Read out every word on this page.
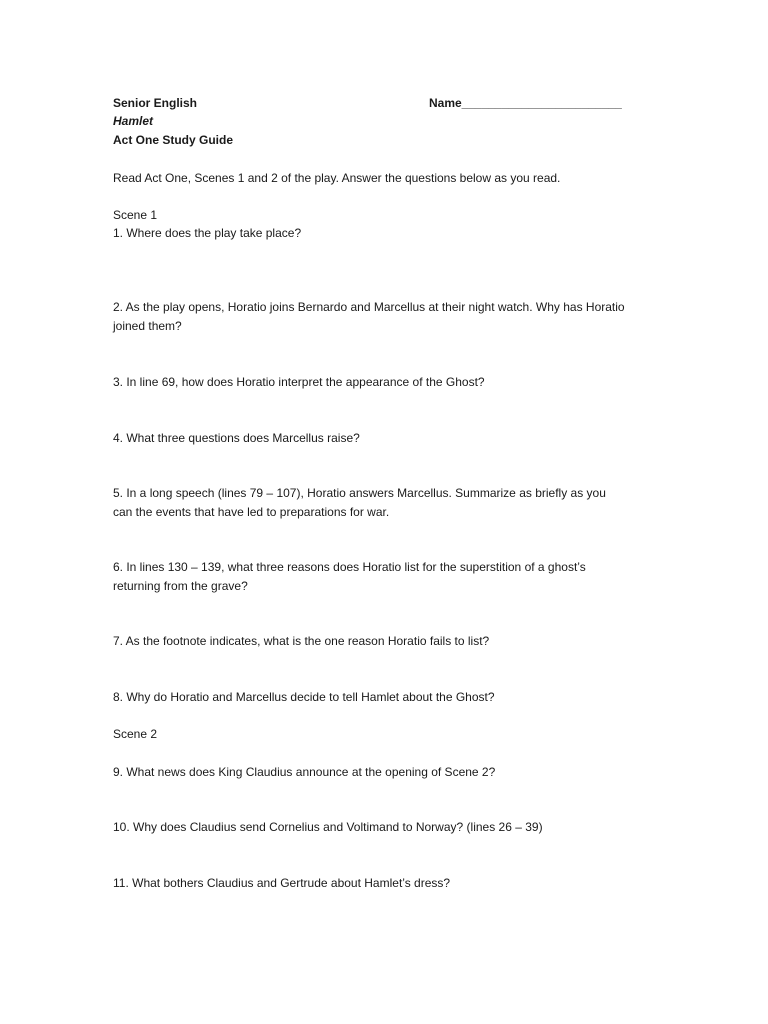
Senior English	Name________________________
Hamlet
Act One Study Guide
Read Act One, Scenes 1 and 2 of the play. Answer the questions below as you read.
Scene 1
1. Where does the play take place?
2. As the play opens, Horatio joins Bernardo and Marcellus at their night watch. Why has Horatio
joined them?
3. In line 69, how does Horatio interpret the appearance of the Ghost?
4. What three questions does Marcellus raise?
5. In a long speech (lines 79 – 107), Horatio answers Marcellus. Summarize as briefly as you
can the events that have led to preparations for war.
6. In lines 130 – 139, what three reasons does Horatio list for the superstition of a ghost’s
returning from the grave?
7. As the footnote indicates, what is the one reason Horatio fails to list?
8. Why do Horatio and Marcellus decide to tell Hamlet about the Ghost?
Scene 2
9. What news does King Claudius announce at the opening of Scene 2?
10. Why does Claudius send Cornelius and Voltimand to Norway? (lines 26 – 39)
11. What bothers Claudius and Gertrude about Hamlet’s dress?
